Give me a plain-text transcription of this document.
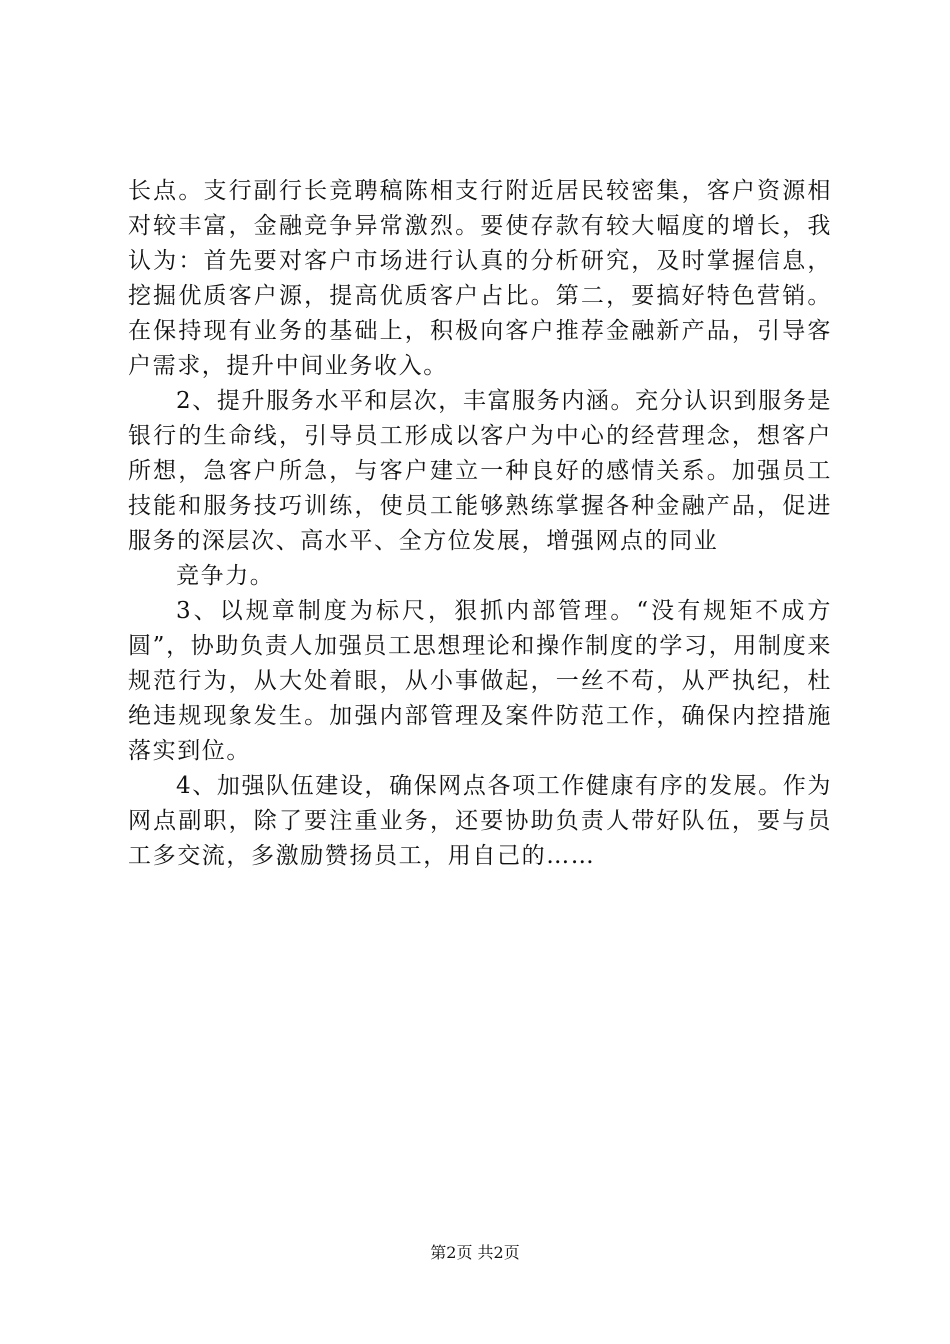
长点。支行副行长竞聘稿陈相支行附近居民较密集，客户资源相对较丰富，金融竞争异常激烈。要使存款有较大幅度的增长，我认为：首先要对客户市场进行认真的分析研究，及时掌握信息，挖掘优质客户源，提高优质客户占比。第二，要搞好特色营销。在保持现有业务的基础上，积极向客户推荐金融新产品，引导客户需求，提升中间业务收入。

2、提升服务水平和层次，丰富服务内涵。充分认识到服务是银行的生命线，引导员工形成以客户为中心的经营理念，想客户所想，急客户所急，与客户建立一种良好的感情关系。加强员工技能和服务技巧训练，使员工能够熟练掌握各种金融产品，促进服务的深层次、高水平、全方位发展，增强网点的同业

竞争力。

3、以规章制度为标尺，狠抓内部管理。“没有规矩不成方圆”，协助负责人加强员工思想理论和操作制度的学习，用制度来规范行为，从大处着眼，从小事做起，一丝不苟，从严执纪，杜绝违规现象发生。加强内部管理及案件防范工作，确保内控措施落实到位。

4、加强队伍建设，确保网点各项工作健康有序的发展。作为网点副职，除了要注重业务，还要协助负责人带好队伍，要与员工多交流，多激励赞扬员工，用自己的……

第2页 共2页
